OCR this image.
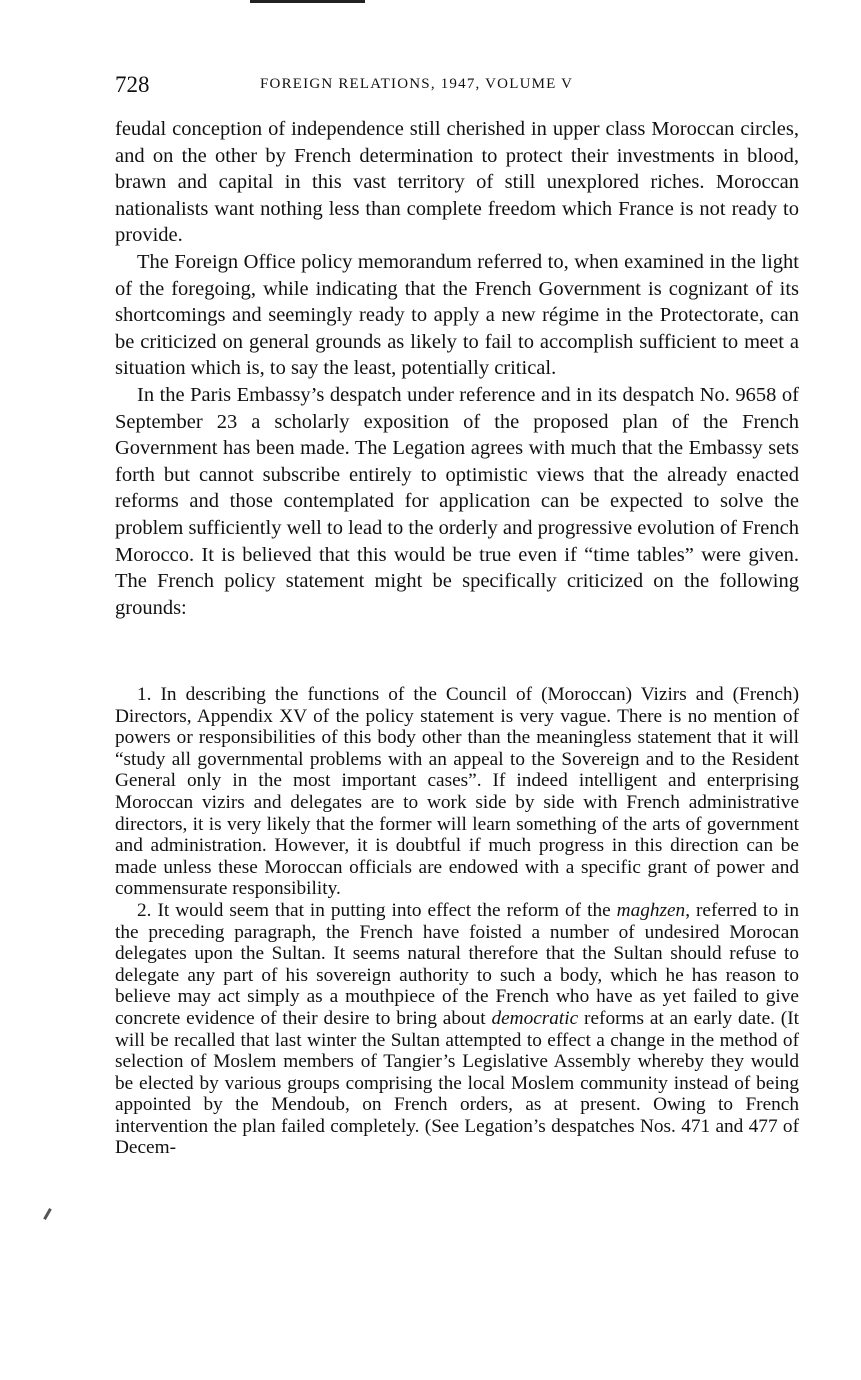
728	FOREIGN RELATIONS, 1947, VOLUME V

feudal conception of independence still cherished in upper class Moroccan circles, and on the other by French determination to protect their investments in blood, brawn and capital in this vast territory of still unexplored riches. Moroccan nationalists want nothing less than complete freedom which France is not ready to provide.

The Foreign Office policy memorandum referred to, when examined in the light of the foregoing, while indicating that the French Government is cognizant of its shortcomings and seemingly ready to apply a new régime in the Protectorate, can be criticized on general grounds as likely to fail to accomplish sufficient to meet a situation which is, to say the least, potentially critical.

In the Paris Embassy’s despatch under reference and in its despatch No. 9658 of September 23 a scholarly exposition of the proposed plan of the French Government has been made. The Legation agrees with much that the Embassy sets forth but cannot subscribe entirely to optimistic views that the already enacted reforms and those contemplated for application can be expected to solve the problem sufficiently well to lead to the orderly and progressive evolution of French Morocco. It is believed that this would be true even if “time tables” were given. The French policy statement might be specifically criticized on the following grounds:

1. In describing the functions of the Council of (Moroccan) Vizirs and (French) Directors, Appendix XV of the policy statement is very vague. There is no mention of powers or responsibilities of this body other than the meaningless statement that it will “study all governmental problems with an appeal to the Sovereign and to the Resident General only in the most important cases”. If indeed intelligent and enterprising Moroccan vizirs and delegates are to work side by side with French administrative directors, it is very likely that the former will learn something of the arts of government and administration. However, it is doubtful if much progress in this direction can be made unless these Moroccan officials are endowed with a specific grant of power and commensurate responsibility.

2. It would seem that in putting into effect the reform of the maghzen, referred to in the preceding paragraph, the French have foisted a number of undesired Morocan delegates upon the Sultan. It seems natural therefore that the Sultan should refuse to delegate any part of his sovereign authority to such a body, which he has reason to believe may act simply as a mouthpiece of the French who have as yet failed to give concrete evidence of their desire to bring about democratic reforms at an early date. (It will be recalled that last winter the Sultan attempted to effect a change in the method of selection of Moslem members of Tangier’s Legislative Assembly whereby they would be elected by various groups comprising the local Moslem community instead of being appointed by the Mendoub, on French orders, as at present. Owing to French intervention the plan failed completely. (See Legation’s despatches Nos. 471 and 477 of Decem-
